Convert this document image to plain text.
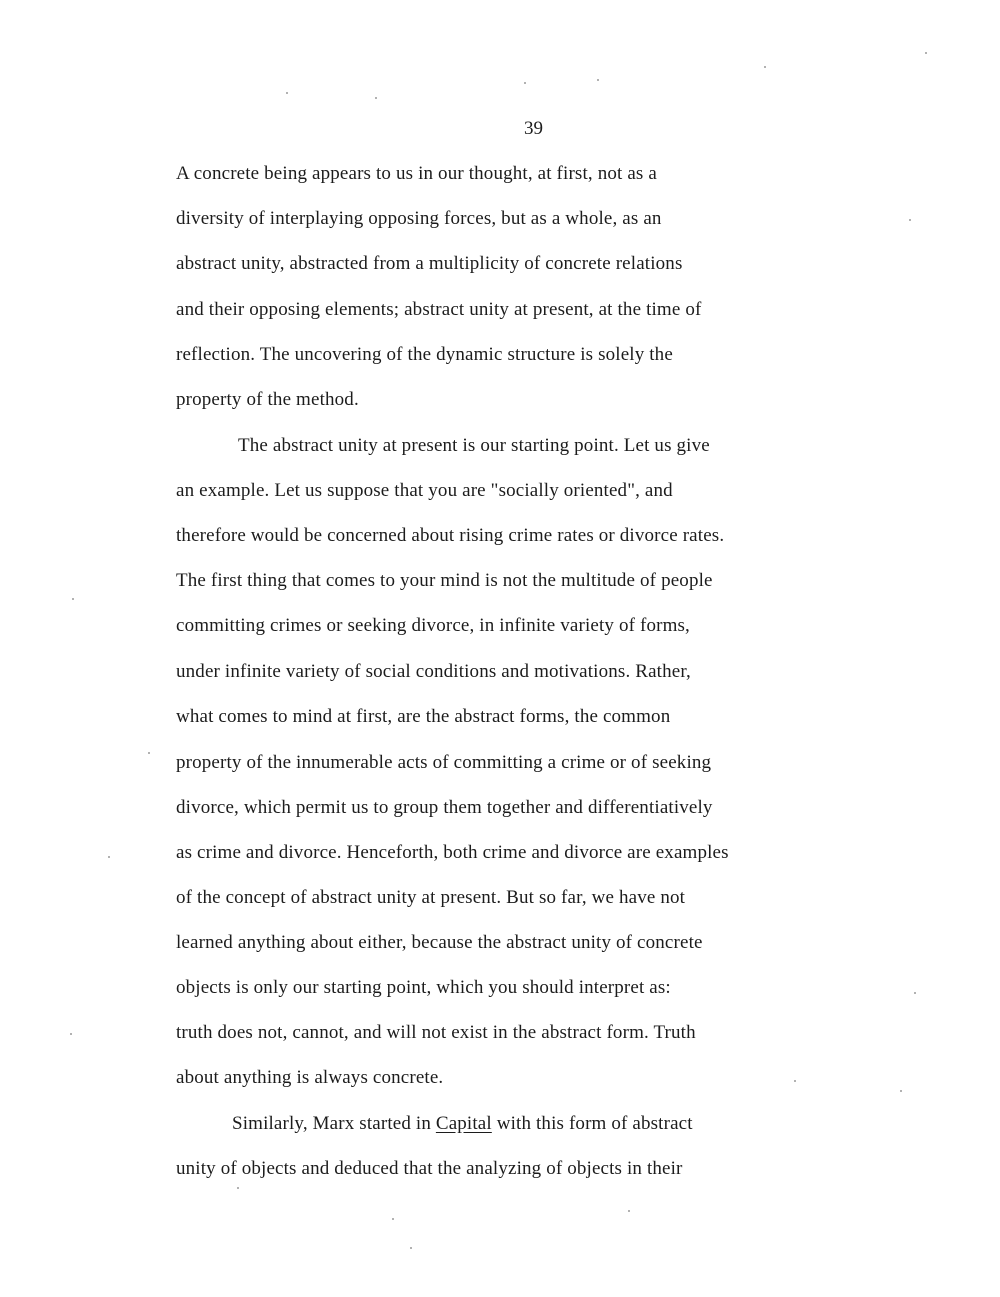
39
A concrete being appears to us in our thought, at first, not as a
diversity of interplaying opposing forces, but as a whole, as an
abstract unity, abstracted from a multiplicity of concrete relations
and their opposing elements; abstract unity at present, at the time of
reflection. The uncovering of the dynamic structure is solely the
property of the method.
The abstract unity at present is our starting point. Let us give
an example. Let us suppose that you are "socially oriented", and
therefore would be concerned about rising crime rates or divorce rates.
The first thing that comes to your mind is not the multitude of people
committing crimes or seeking divorce, in infinite variety of forms,
under infinite variety of social conditions and motivations. Rather,
what comes to mind at first, are the abstract forms, the common
property of the innumerable acts of committing a crime or of seeking
divorce, which permit us to group them together and differentiatively
as crime and divorce. Henceforth, both crime and divorce are examples
of the concept of abstract unity at present. But so far, we have not
learned anything about either, because the abstract unity of concrete
objects is only our starting point, which you should interpret as:
truth does not, cannot, and will not exist in the abstract form. Truth
about anything is always concrete.
Similarly, Marx started in Capital with this form of abstract
unity of objects and deduced that the analyzing of objects in their
